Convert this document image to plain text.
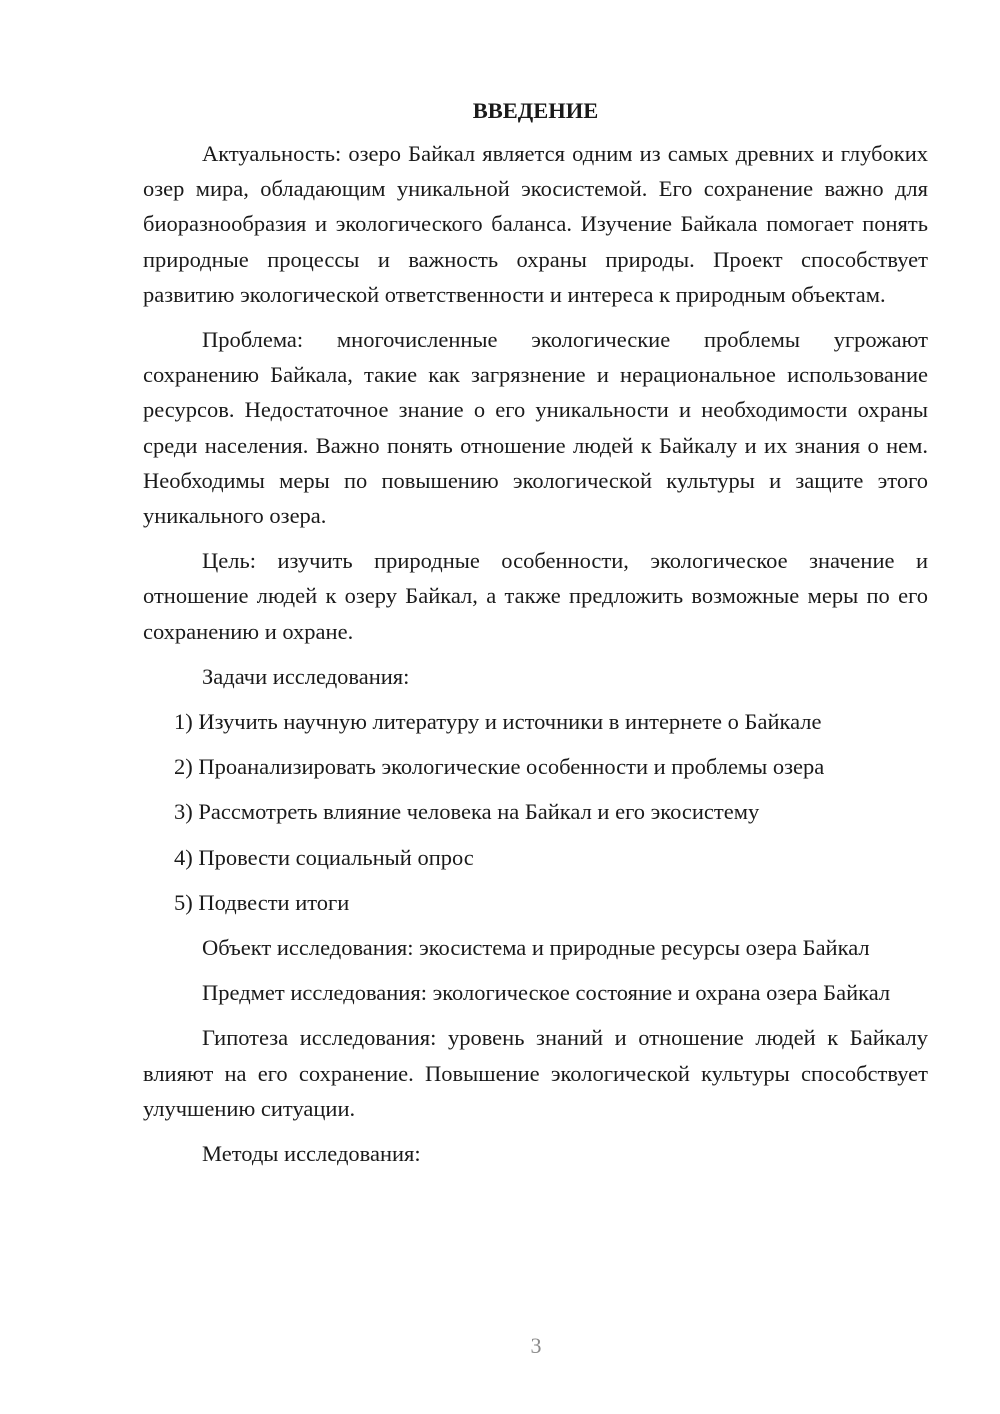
ВВЕДЕНИЕ

Актуальность: озеро Байкал является одним из самых древних и глубоких озер мира, обладающим уникальной экосистемой. Его сохранение важно для биоразнообразия и экологического баланса. Изучение Байкала помогает понять природные процессы и важность охраны природы. Проект способствует развитию экологической ответственности и интереса к природным объектам.

Проблема: многочисленные экологические проблемы угрожают сохранению Байкала, такие как загрязнение и нерациональное использование ресурсов. Недостаточное знание о его уникальности и необходимости охраны среди населения. Важно понять отношение людей к Байкалу и их знания о нем. Необходимы меры по повышению экологической культуры и защите этого уникального озера.

Цель: изучить природные особенности, экологическое значение и отношение людей к озеру Байкал, а также предложить возможные меры по его сохранению и охране.

Задачи исследования:

1) Изучить научную литературу и источники в интернете о Байкале

2) Проанализировать экологические особенности и проблемы озера

3) Рассмотреть влияние человека на Байкал и его экосистему

4) Провести социальный опрос

5) Подвести итоги

Объект исследования: экосистема и природные ресурсы озера Байкал

Предмет исследования: экологическое состояние и охрана озера Байкал

Гипотеза исследования: уровень знаний и отношение людей к Байкалу влияют на его сохранение. Повышение экологической культуры способствует улучшению ситуации.

Методы исследования:

3
